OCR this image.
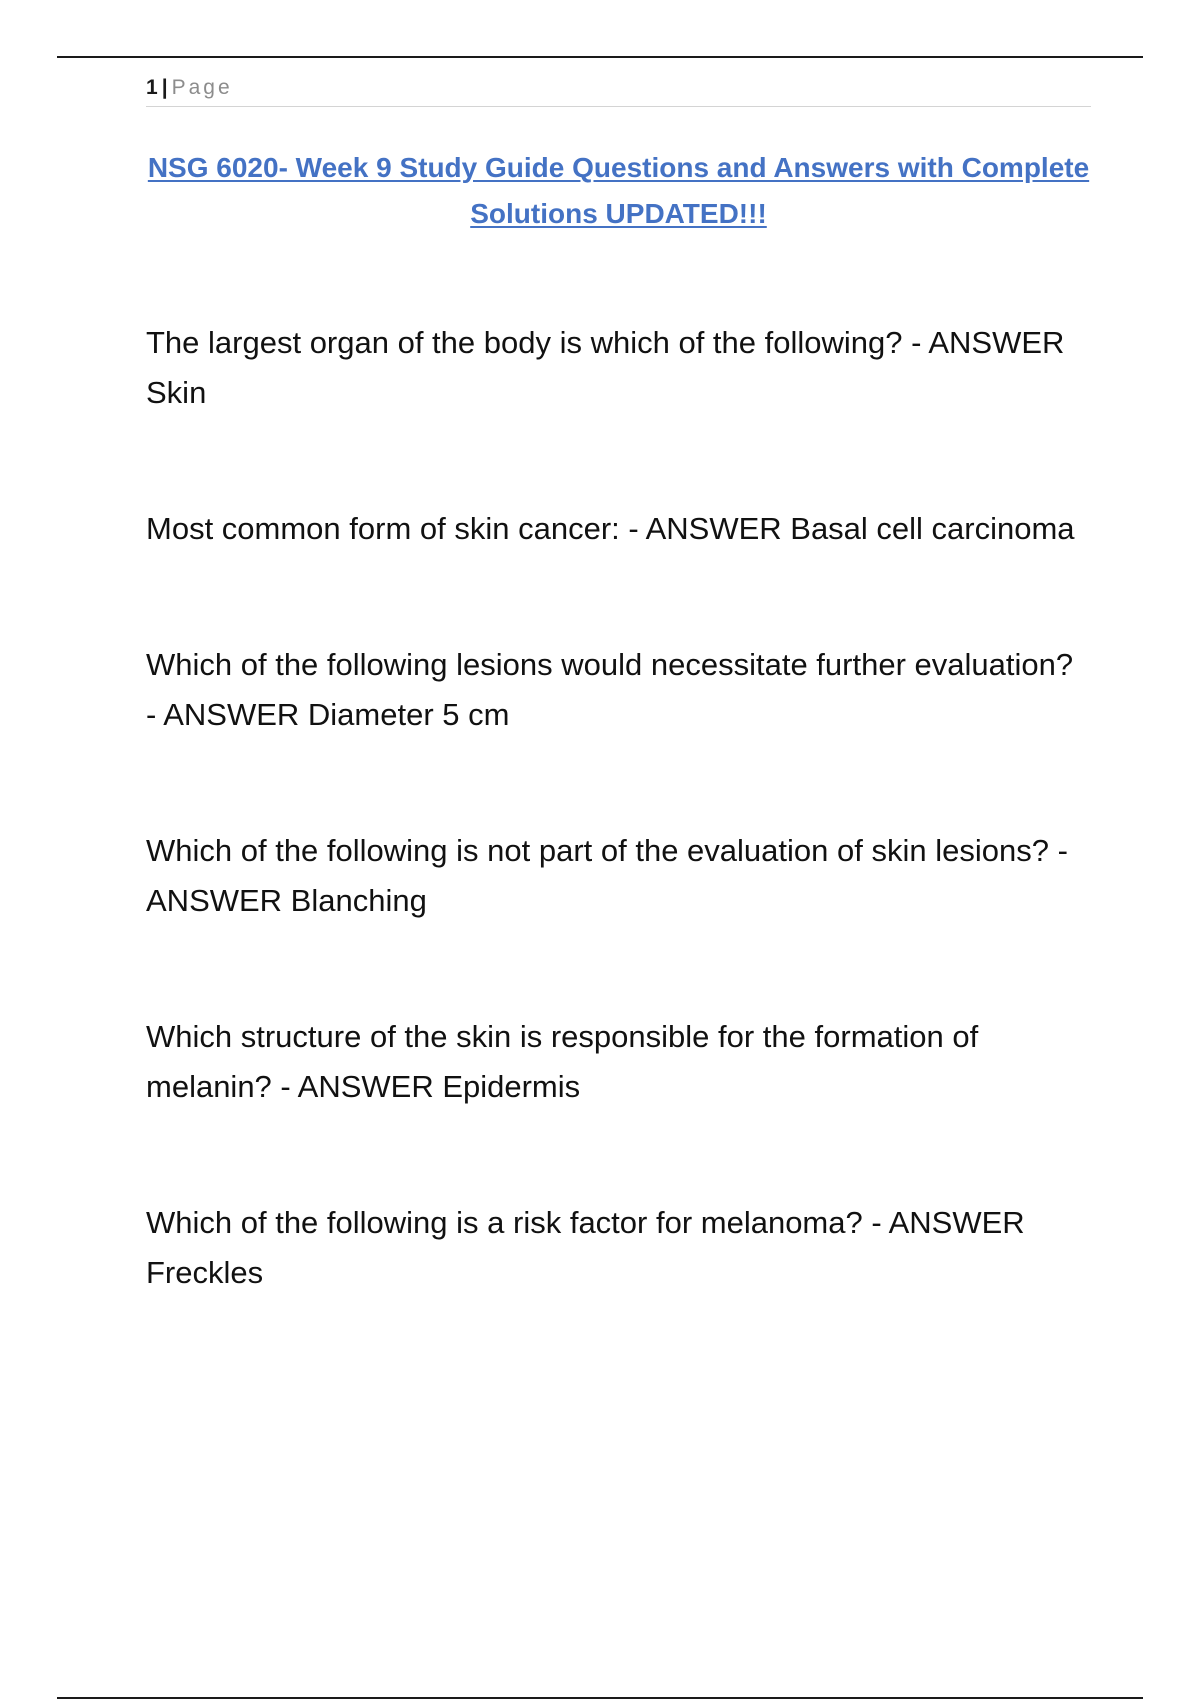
1 | Page
NSG 6020- Week 9 Study Guide Questions and Answers with Complete Solutions UPDATED!!!

The largest organ of the body is which of the following? - ANSWER Skin

Most common form of skin cancer: - ANSWER Basal cell carcinoma

Which of the following lesions would necessitate further evaluation? - ANSWER Diameter 5 cm

Which of the following is not part of the evaluation of skin lesions? - ANSWER Blanching

Which structure of the skin is responsible for the formation of melanin? - ANSWER Epidermis

Which of the following is a risk factor for melanoma? - ANSWER Freckles
